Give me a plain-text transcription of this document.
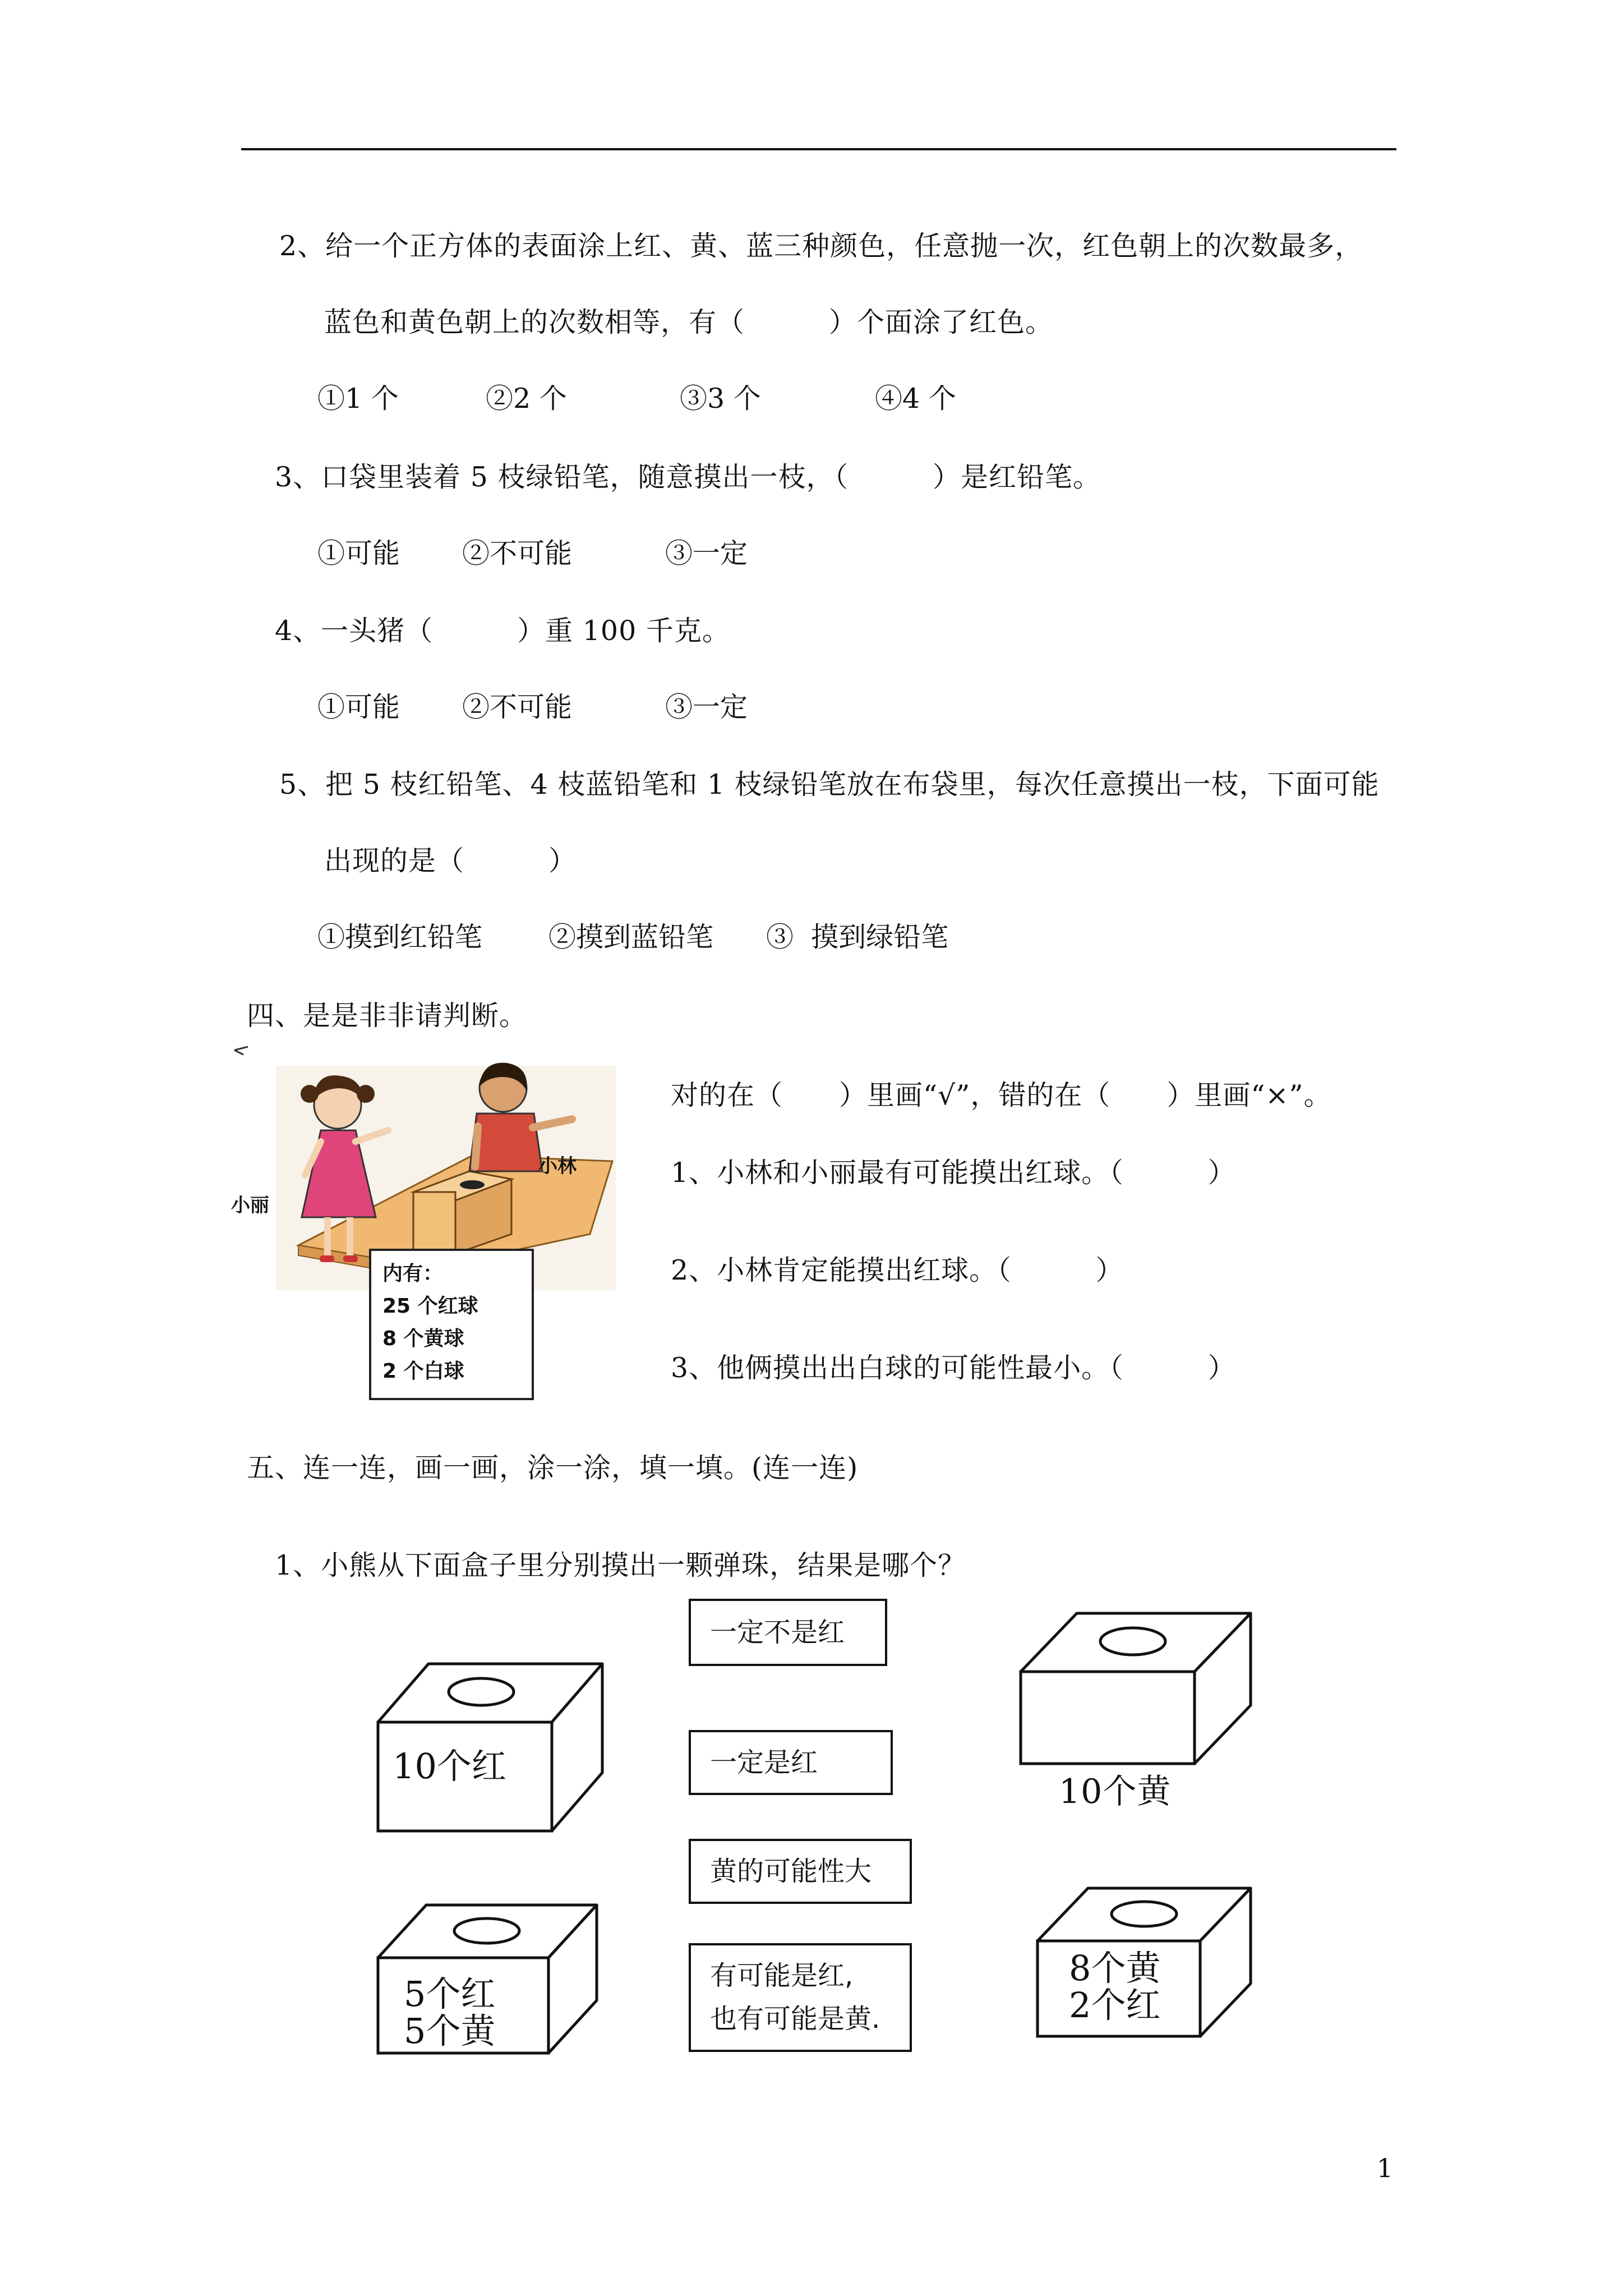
2、给一个正方体的表面涂上红、黄、蓝三种颜色，任意抛一次，红色朝上的次数最多，
蓝色和黄色朝上的次数相等，有（　　　）个面涂了红色。
①1 个	②2 个	③3 个	④4 个
3、口袋里装着 5 枝绿铅笔，随意摸出一枝，（　　　）是红铅笔。
①可能 ②不可能	③一定
4、一头猪（　　　）重 100 千克。
①可能 ②不可能	③一定
5、把 5 枝红铅笔、4 枝蓝铅笔和 1 枝绿铅笔放在布袋里，每次任意摸出一枝，下面可能
出现的是（　　　）
①摸到红铅笔 ②摸到蓝铅笔 ③  摸到绿铅笔
四、是是非非请判断。
小丽
小林
内有：
25 个红球
8 个黄球
2 个白球
对的在（　　）里画“√”，错的在（　　）里画“×”。
1、小林和小丽最有可能摸出红球。（　　　）
2、小林肯定能摸出红球。（　　　）
3、他俩摸出出白球的可能性最小。（　　　）
五、连一连，画一画，涂一涂，填一填。(连一连)
1、小熊从下面盒子里分别摸出一颗弹珠，结果是哪个？
10个红
10个黄
5个红
5个黄
8个黄
2个红
一定不是红
一定是红
黄的可能性大
有可能是红,
也有可能是黄.
1
